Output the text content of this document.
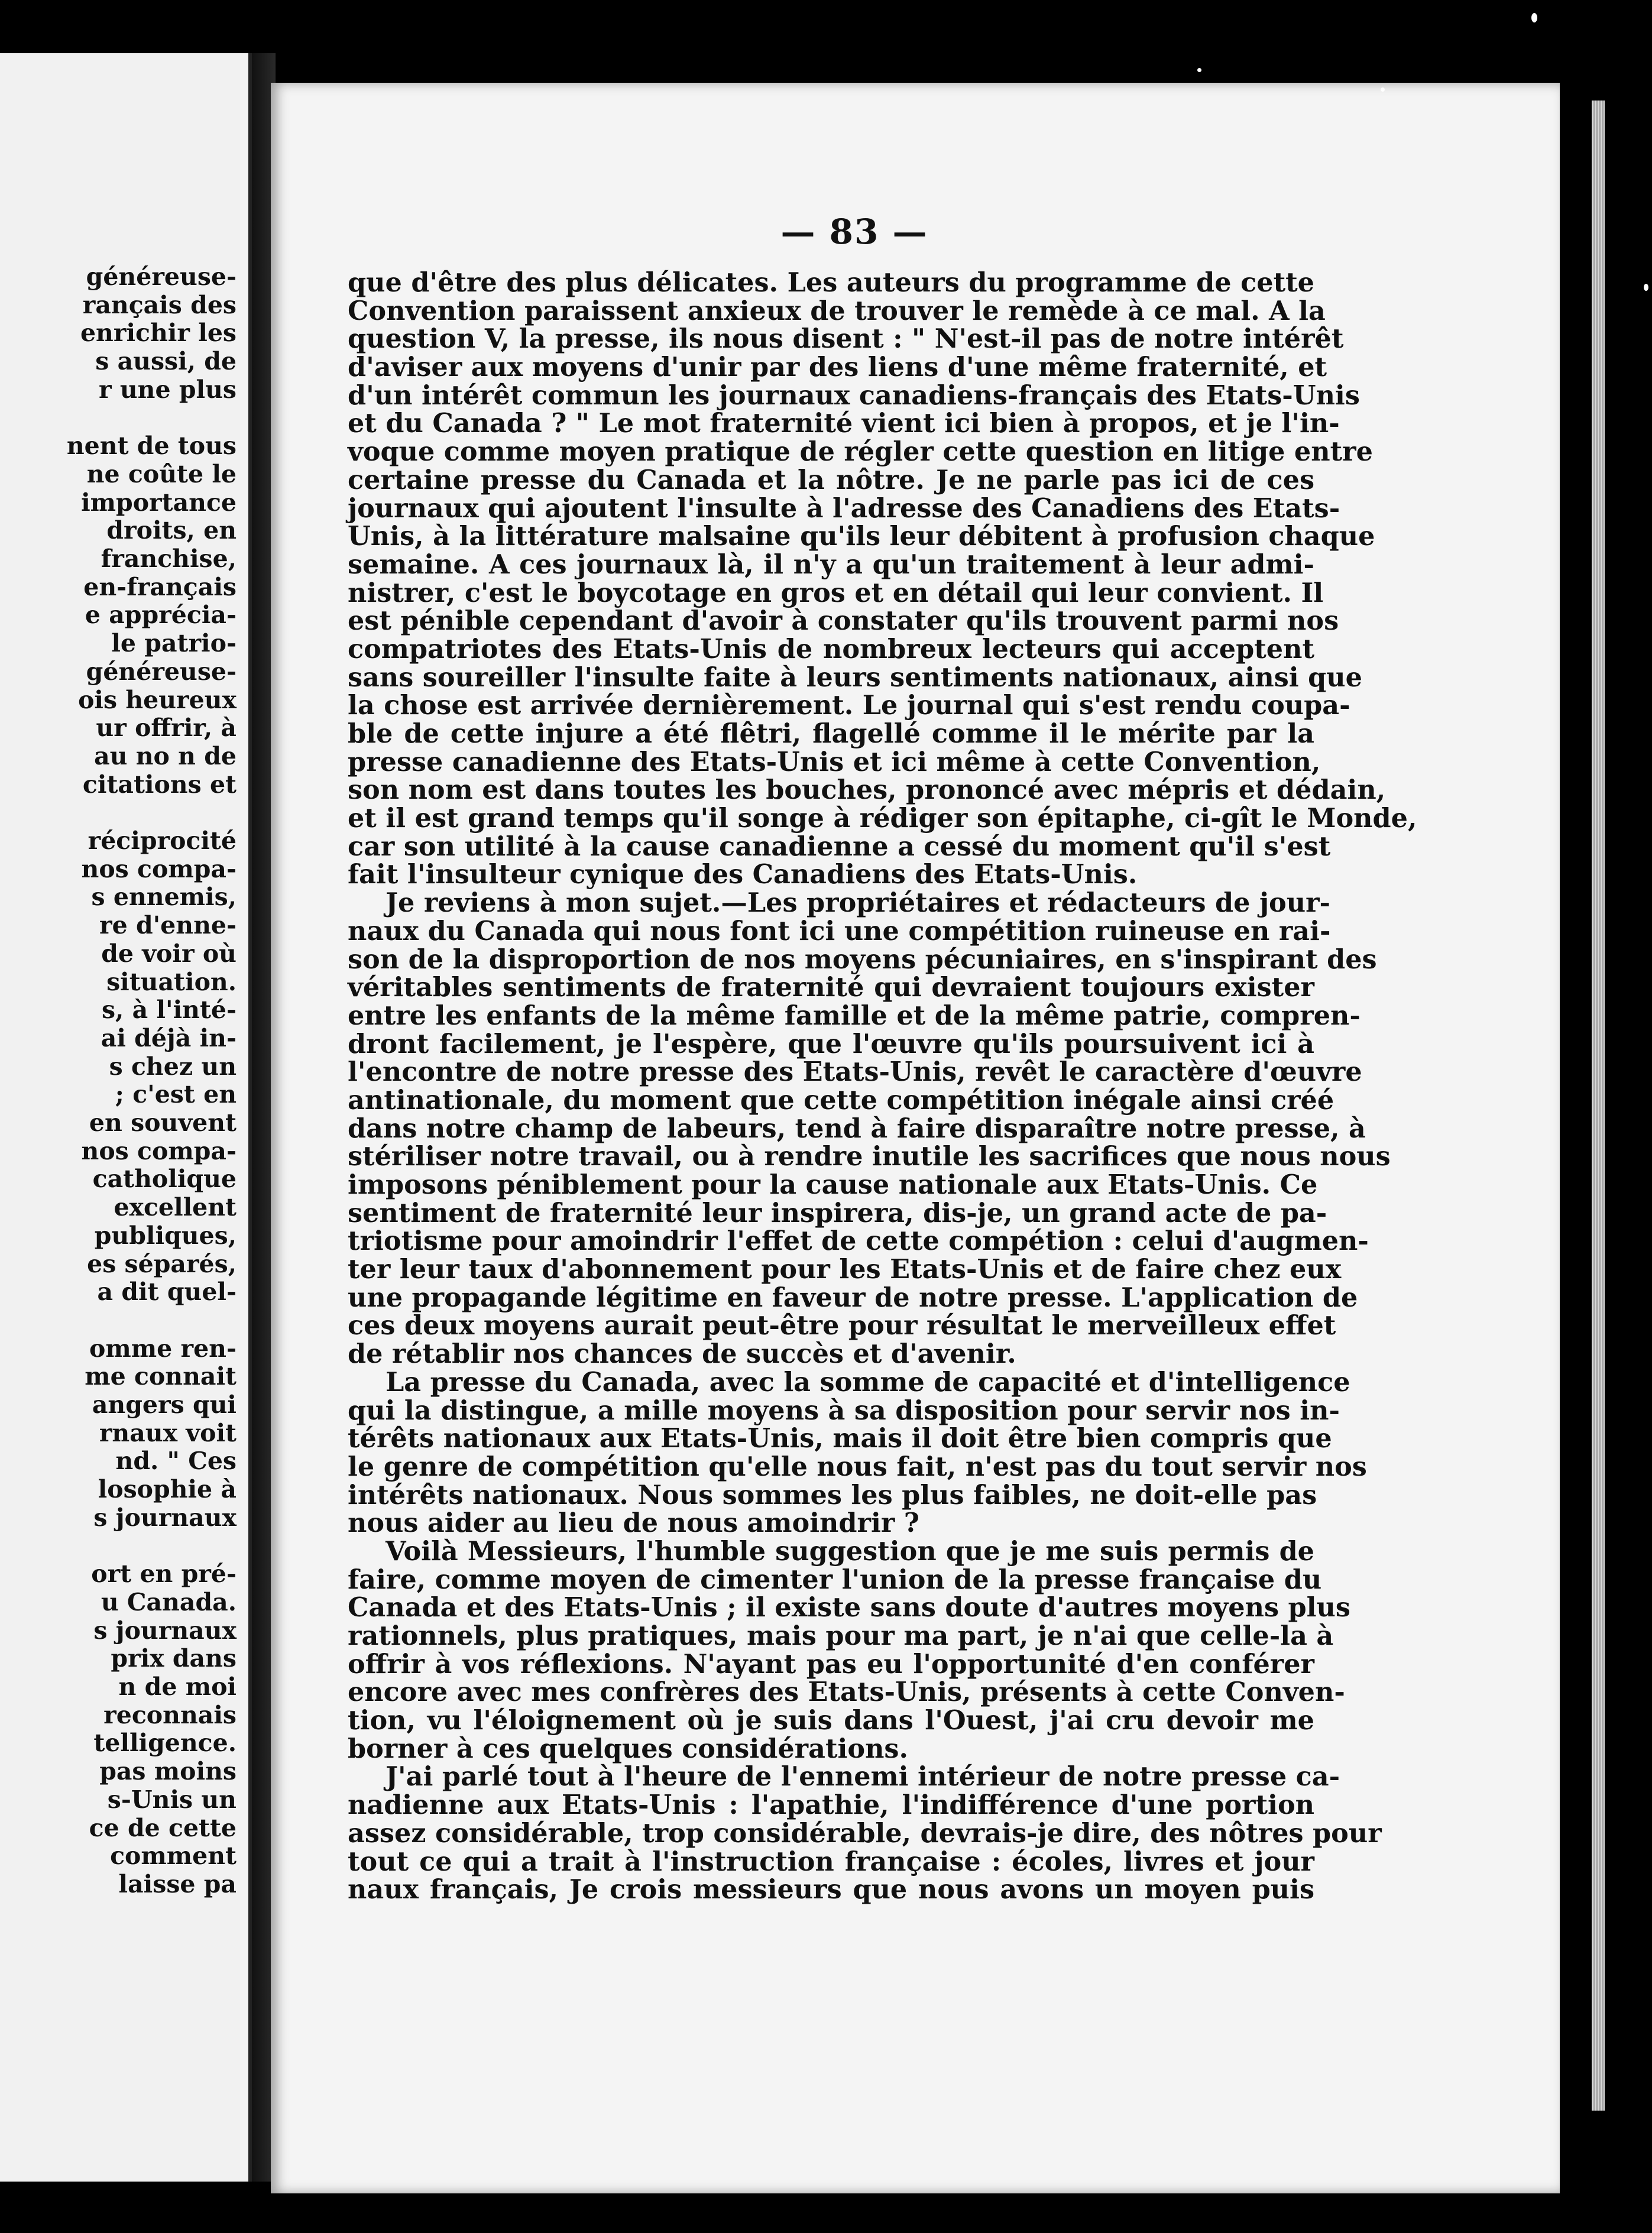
généreuse-
rançais des
enrichir les
s aussi, de
r une plus
nent de tous
ne coûte le
importance
droits, en
franchise,
en-français
e apprécia-
le patrio-
généreuse-
ois heureux
ur offrir, à
au no n de
citations et
réciprocité
nos compa-
s ennemis,
re d'enne-
de voir où
situation.
s, à l'inté-
ai déjà in-
s chez un
; c'est en
en souvent
nos compa-
catholique
excellent
publiques,
es séparés,
a dit quel-
omme ren-
me connait
angers qui
rnaux voit
nd. " Ces
losophie à
s journaux
ort en pré-
u Canada.
s journaux
prix dans
n de moi
reconnais
telligence.
pas moins
s-Unis un
ce de cette
comment
laisse pa
— 83 —
que d'être des plus délicates. Les auteurs du programme de cette
Convention paraissent anxieux de trouver le remède à ce mal. A la
question V, la presse, ils nous disent : " N'est-il pas de notre intérêt
d'aviser aux moyens d'unir par des liens d'une même fraternité, et
d'un intérêt commun les journaux canadiens-français des Etats-Unis
et du Canada ? " Le mot fraternité vient ici bien à propos, et je l'in-
voque comme moyen pratique de régler cette question en litige entre
certaine presse du Canada et la nôtre. Je ne parle pas ici de ces
journaux qui ajoutent l'insulte à l'adresse des Canadiens des Etats-
Unis, à la littérature malsaine qu'ils leur débitent à profusion chaque
semaine. A ces journaux là, il n'y a qu'un traitement à leur admi-
nistrer, c'est le boycotage en gros et en détail qui leur convient. Il
est pénible cependant d'avoir à constater qu'ils trouvent parmi nos
compatriotes des Etats-Unis de nombreux lecteurs qui acceptent
sans soureiller l'insulte faite à leurs sentiments nationaux, ainsi que
la chose est arrivée dernièrement. Le journal qui s'est rendu coupa-
ble de cette injure a été flêtri, flagellé comme il le mérite par la
presse canadienne des Etats-Unis et ici même à cette Convention,
son nom est dans toutes les bouches, prononcé avec mépris et dédain,
et il est grand temps qu'il songe à rédiger son épitaphe, ci-gît le Monde,
car son utilité à la cause canadienne a cessé du moment qu'il s'est
fait l'insulteur cynique des Canadiens des Etats-Unis.
Je reviens à mon sujet.—Les propriétaires et rédacteurs de jour-
naux du Canada qui nous font ici une compétition ruineuse en rai-
son de la disproportion de nos moyens pécuniaires, en s'inspirant des
véritables sentiments de fraternité qui devraient toujours exister
entre les enfants de la même famille et de la même patrie, compren-
dront facilement, je l'espère, que l'œuvre qu'ils poursuivent ici à
l'encontre de notre presse des Etats-Unis, revêt le caractère d'œuvre
antinationale, du moment que cette compétition inégale ainsi créé
dans notre champ de labeurs, tend à faire disparaître notre presse, à
stériliser notre travail, ou à rendre inutile les sacrifices que nous nous
imposons péniblement pour la cause nationale aux Etats-Unis. Ce
sentiment de fraternité leur inspirera, dis-je, un grand acte de pa-
triotisme pour amoindrir l'effet de cette compétion : celui d'augmen-
ter leur taux d'abonnement pour les Etats-Unis et de faire chez eux
une propagande légitime en faveur de notre presse. L'application de
ces deux moyens aurait peut-être pour résultat le merveilleux effet
de rétablir nos chances de succès et d'avenir.
La presse du Canada, avec la somme de capacité et d'intelligence
qui la distingue, a mille moyens à sa disposition pour servir nos in-
térêts nationaux aux Etats-Unis, mais il doit être bien compris que
le genre de compétition qu'elle nous fait, n'est pas du tout servir nos
intérêts nationaux. Nous sommes les plus faibles, ne doit-elle pas
nous aider au lieu de nous amoindrir ?
Voilà Messieurs, l'humble suggestion que je me suis permis de
faire, comme moyen de cimenter l'union de la presse française du
Canada et des Etats-Unis ; il existe sans doute d'autres moyens plus
rationnels, plus pratiques, mais pour ma part, je n'ai que celle-la à
offrir à vos réflexions. N'ayant pas eu l'opportunité d'en conférer
encore avec mes confrères des Etats-Unis, présents à cette Conven-
tion, vu l'éloignement où je suis dans l'Ouest, j'ai cru devoir me
borner à ces quelques considérations.
J'ai parlé tout à l'heure de l'ennemi intérieur de notre presse ca-
nadienne aux Etats-Unis : l'apathie, l'indifférence d'une portion
assez considérable, trop considérable, devrais-je dire, des nôtres pour
tout ce qui a trait à l'instruction française : écoles, livres et jour
naux français, Je crois messieurs que nous avons un moyen puis
